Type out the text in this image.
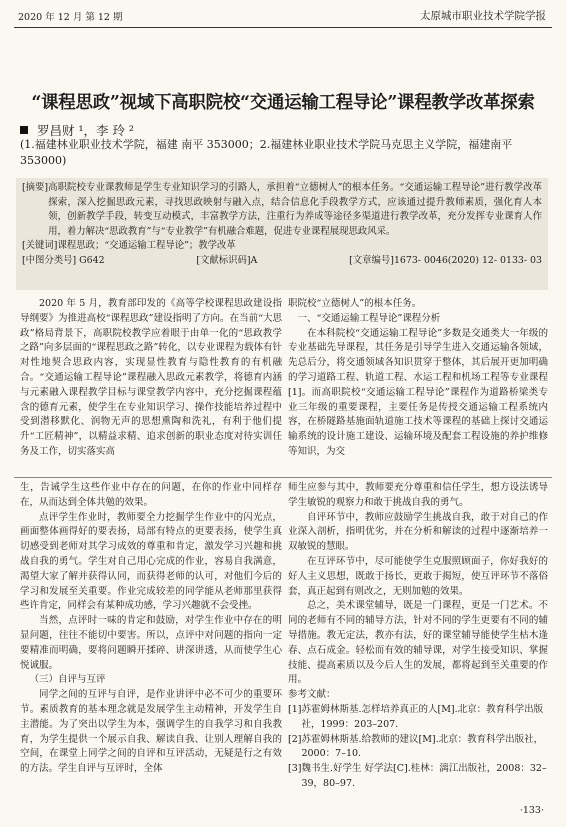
2020 年 12 月 第 12 期	太原城市职业技术学院学报
“课程思政”视域下高职院校“交通运输工程导论”课程教学改革探索
罗昌财 ¹，李 玲 ²
(1.福建林业职业技术学院，福建 南平 353000；2.福建林业职业技术学院马克思主义学院，福建南平 353000)
[摘要] 高职院校专业课教师是学生专业知识学习的引路人，承担着“立德树人”的根本任务。“交通运输工程导论”进行教学改革探索，深入挖掘思政元素，寻找思政映射与融入点，结合信息化手段教学方式，应该通过提升教师素质，强化育人本领，创新教学手段，转变互动模式，丰富教学方法，注重行为养成等途径多渠道进行教学改革，充分发挥专业课育人作用，着力解决“思政教育”与“专业教学”有机融合难题，促进专业课程展现思政风采。
[关键词] 课程思政；“交通运输工程导论”；教学改革
[中图分类号] G642	[文献标识码]A	[文章编号]1673- 0046(2020) 12- 0133- 03

2020 年 5 月，教育部印发的《高等学校课程思政建设指导纲要》为推进高校“课程思政”建设指明了方向。在当前“大思政”格局背景下，高职院校教学应着眼于由单一化的“思政教学之路”向多层面的“课程思政之路”转化，以专业课程为载体有针对性地契合思政内容，实现显性教育与隐性教育的有机融合。“交通运输工程导论”课程融入思政元素教学，将德育内涵与元素融入课程教学目标与课堂教学内容中，充分挖掘课程蕴含的德育元素，使学生在专业知识学习、操作技能培养过程中受到潜移默化、润物无声的思想熏陶和洗礼，有利于他们提升“工匠精神”，以精益求精、追求创新的职业态度对待实训任务及工作，切实落实高

职院校“立德树人”的根本任务。

一、“交通运输工程导论”课程分析

在本科院校“交通运输工程导论”多数是交通类大一年级的专业基础先导课程，其任务是引导学生进入交通运输各领域，先总后分，将交通领域各知识贯穿于整体，其后展开更加明确的学习道路工程、轨道工程、水运工程和机场工程等专业课程[1]。而高职院校“交通运输工程导论”课程作为道路桥梁类专业三年级的重要课程，主要任务是传授交通运输工程系统内容，在桥隧路基施面轨道施工技术等课程的基础上探讨交通运输系统的设计施工建设、运输环境及配套工程设施的养护维修等知识，为交

生，告诫学生这些作业中存在的问题，在你的作业中同样存在，从而达到全体共勉的效果。

点评学生作业时，教师要全力挖掘学生作业中的闪光点，画面整体画得好的要表扬，局部有特点的更要表扬，使学生真切感受到老师对其学习成效的尊重和肯定，激发学习兴趣和挑战自我的勇气。学生对自己用心完成的作业，容易自我满意，渴望大家了解并获得认同，而获得老师的认可，对他们今后的学习和发展至关重要。作业完成较差的同学能从老师那里获得些许肯定，同样会有某种成功感，学习兴趣就不会受挫。

当然，点评时一味的肯定和鼓励，对学生作业中存在的明显问题，往往不能切中要害。所以，点评中对问题的指向一定要精准而明确，要将问题瞬开揉碎、讲深讲透，从而使学生心悦诚服。

（三）自评与互评

同学之间的互评与自评，是作业讲评中必不可少的重要环节。素质教育的基本理念就是发展学生主动精神，开发学生自主潜能。为了突出以学生为本，强调学生的自我学习和自我教育，为学生提供一个展示自我、解读自我、让别人理解自我的空间，在课堂上同学之间的自评和互评活动，无疑是行之有效的方法。学生自评与互评时，全体

师生应参与其中，教师要充分尊重和信任学生，想方设法诱导学生敏锐的观察力和敢于挑战自我的勇气。

自评环节中，教师应鼓励学生挑战自我，敢于对自己的作业深入剖析，指明优劣，并在分析和解读的过程中逐渐培养一双敏锐的慧眼。

在互评环节中，尽可能使学生克服照顾面子，你好我好的好人主义思想，既敢于扬长，更敢于揭短，使互评环节不落俗套，真正起到有则改之，无则加勉的效果。

总之，美术课堂辅导，既是一门课程，更是一门艺术。不同的老师有不同的辅导方法，针对不同的学生更要有不同的辅导措施。教无定法，教亦有法，好的课堂辅导能使学生枯木逢春、点石成金。轻松而有效的辅导课，对学生接受知识、掌握技能、提高素质以及今后人生的发展，都将起到至关重要的作用。

参考文献：

[1] 苏霍姆林斯基.怎样培养真正的人[M].北京：教育科学出版社，1999：203–207.
[2] 苏霍姆林斯基.给教师的建议[M].北京：教育科学出版社，2000：7–10.
[3] 魏书生.好学生 好学法[C].桂林：漓江出版社，2008：32–39，80–97.
·133·
